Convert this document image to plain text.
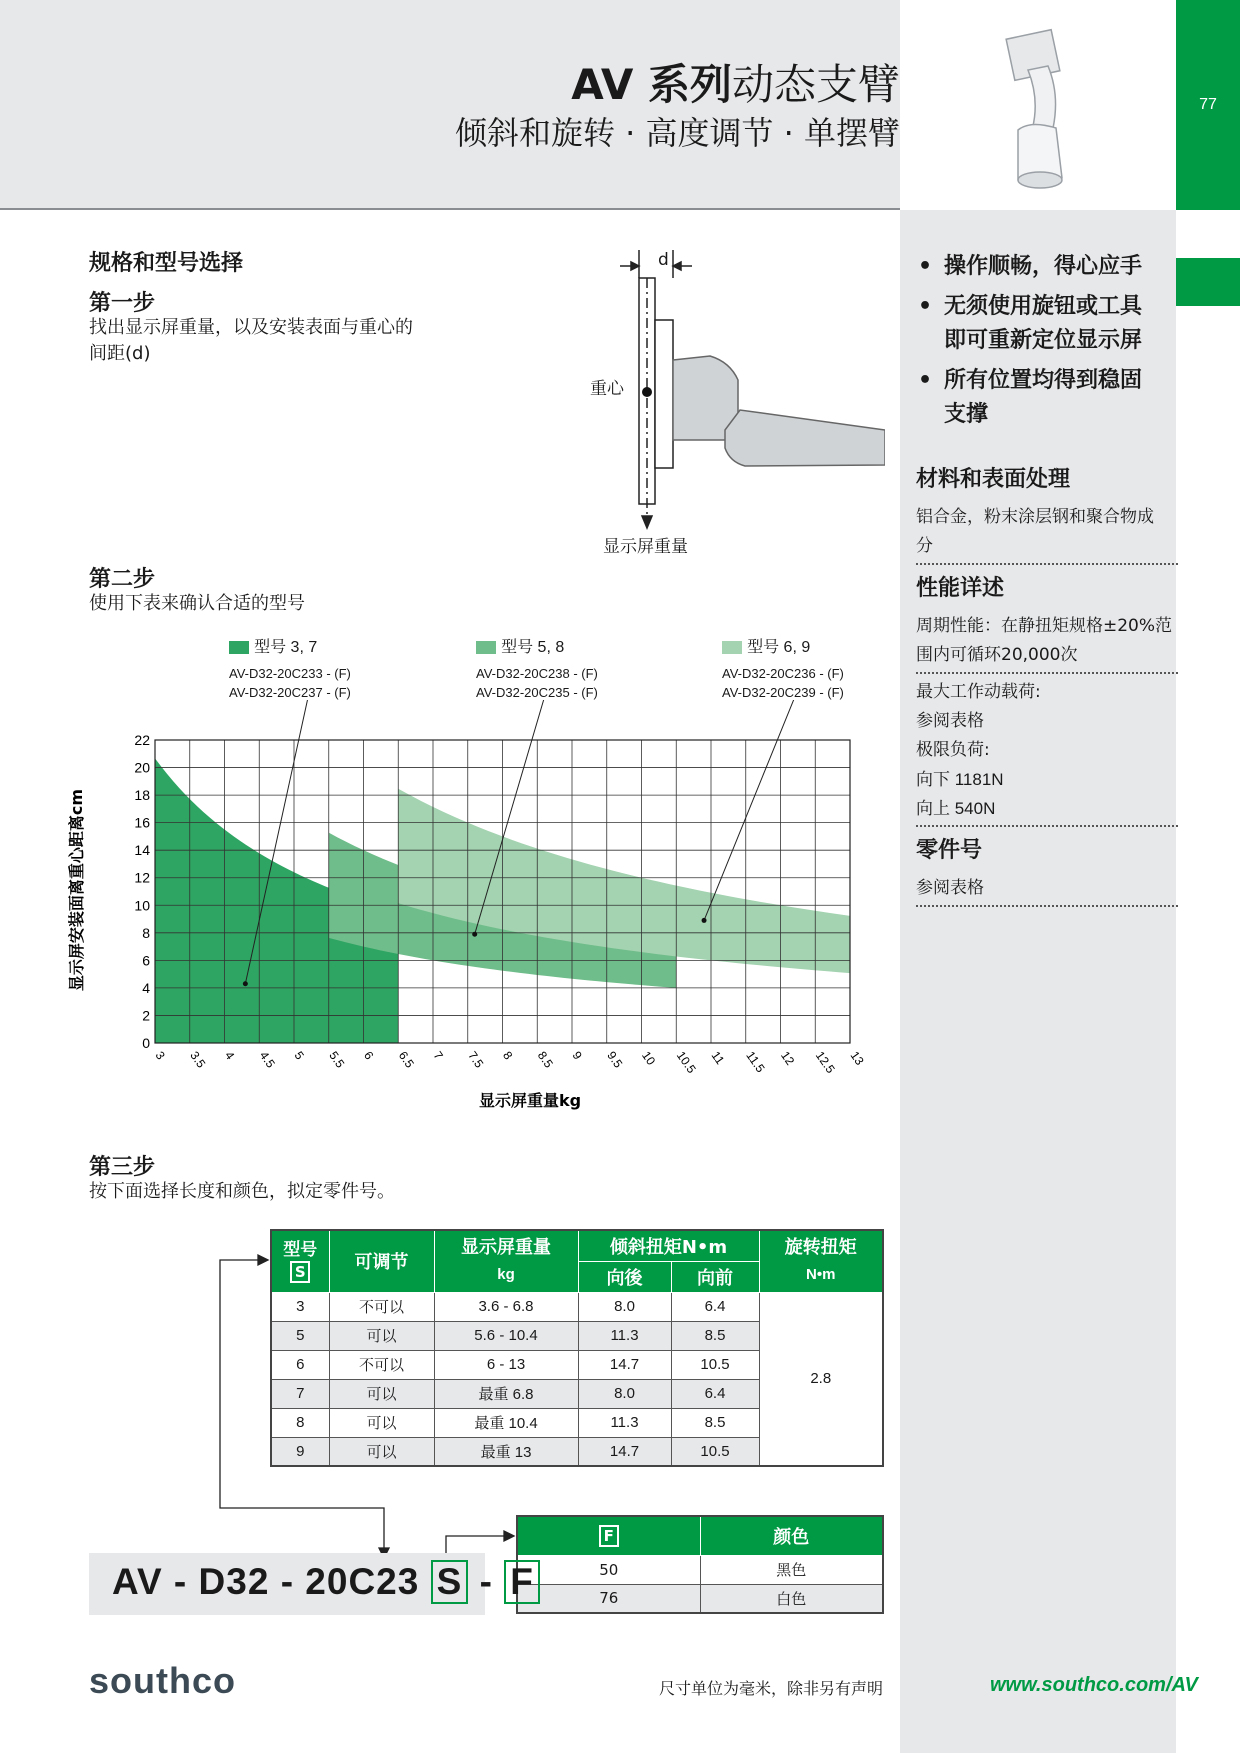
AV 系列动态支臂
倾斜和旋转 · 高度调节 · 单摆臂
77
• 操作顺畅，得心应手
• 无须使用旋钮或工具即可重新定位显示屏
• 所有位置均得到稳固支撑
材料和表面处理
铝合金，粉末涂层钢和聚合物成分
性能详述
周期性能：在静扭矩规格±20%范围内可循环20,000次
最大工作动载荷:
参阅表格
极限负荷:
向下 1181N
向上 540N
零件号
参阅表格
规格和型号选择
第一步
找出显示屏重量，以及安装表面与重心的间距(d)
d
重心
显示屏重量
第二步
使用下表来确认合适的型号
型号 3, 7
AV-D32-20C233 - (F)
AV-D32-20C237 - (F)
型号 5, 8
AV-D32-20C238 - (F)
AV-D32-20C235 - (F)
型号 6, 9
AV-D32-20C236 - (F)
AV-D32-20C239 - (F)
3 3.5 4 4.5 5 5.5 6 6.5 7 7.5 8 8.5 9 9.5 10 10.5 11 11.5 12 12.5 13
0
2
4
6
8
10
12
14
16
18
20
22
显示屏安装面离重心距离cm
显示屏重量kg
第三步
按下面选择长度和颜色，拟定零件号。
型号
S	可调节	显示屏重量
kg	倾斜扭矩N•m		旋转扭矩
N•m
			向後	向前	
3	不可以	3.6 - 6.8	8.0	6.4	2.8
5	可以	5.6 - 10.4	11.3	8.5	
6	不可以	6 - 13	14.7	10.5	
7	可以	最重 6.8	8.0	6.4	
8	可以	最重 10.4	11.3	8.5	
9	可以	最重 13	14.7	10.5	
F	颜色
50	黑色
76	白色
AV - D32 - 20C23 S - F
southco	尺寸单位为毫米，除非另有声明	www.southco.com/AV
